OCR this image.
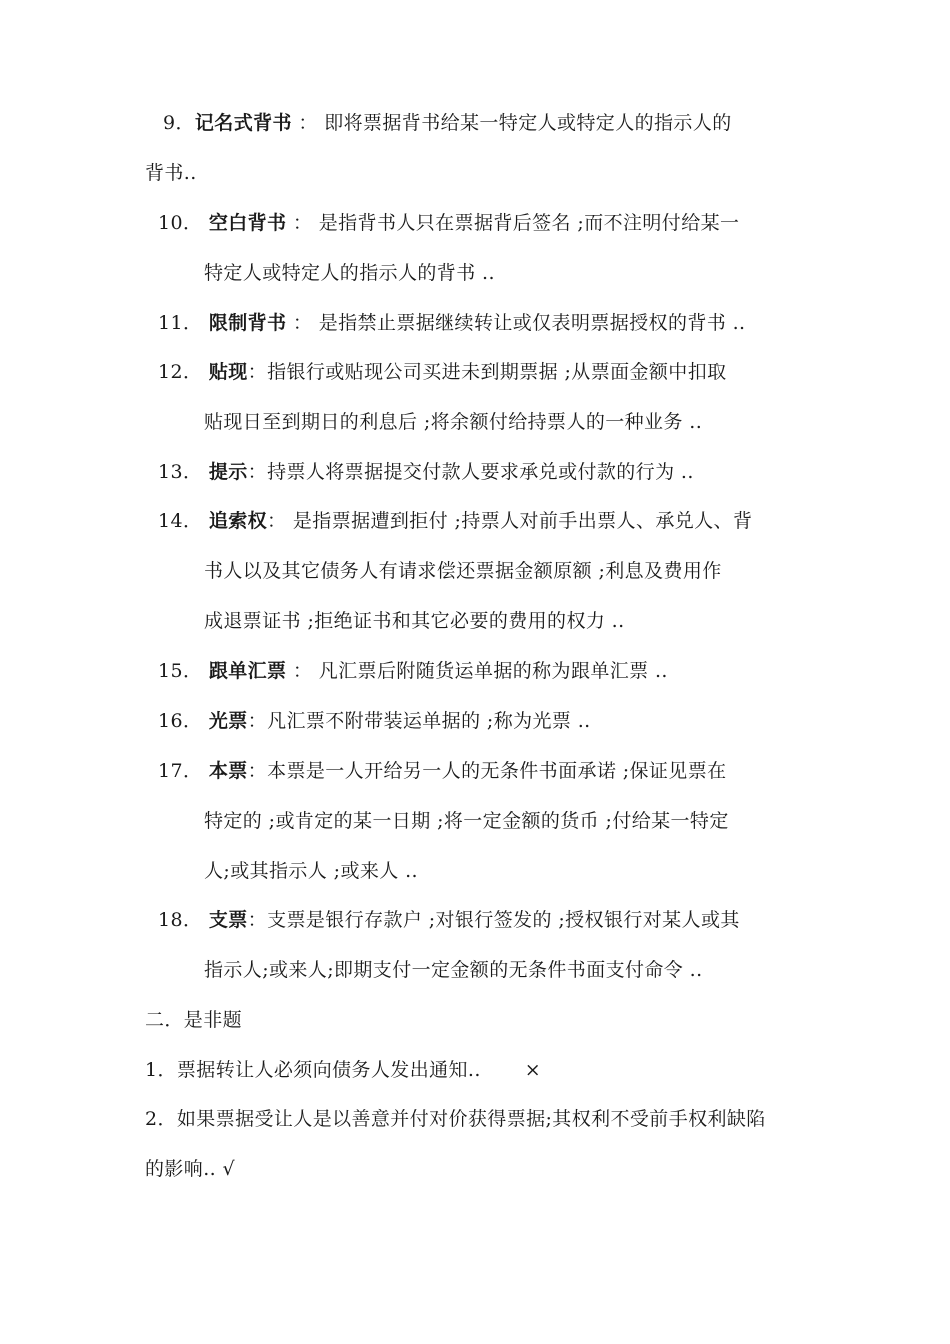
9．记名式背书 ： 即将票据背书给某一特定人或特定人的指示人的
背书..
10． 空白背书 ： 是指背书人只在票据背后签名 ;而不注明付给某一
特定人或特定人的指示人的背书 ..
11． 限制背书 ： 是指禁止票据继续转让或仅表明票据授权的背书 ..
12． 贴现：指银行或贴现公司买进未到期票据 ;从票面金额中扣取
贴现日至到期日的利息后 ;将余额付给持票人的一种业务 ..
13． 提示：持票人将票据提交付款人要求承兑或付款的行为 ..
14． 追索权： 是指票据遭到拒付 ;持票人对前手出票人、承兑人、背
书人以及其它债务人有请求偿还票据金额原额 ;利息及费用作
成退票证书 ;拒绝证书和其它必要的费用的权力 ..
15． 跟单汇票 ： 凡汇票后附随货运单据的称为跟单汇票 ..
16． 光票：凡汇票不附带装运单据的 ;称为光票 ..
17． 本票：本票是一人开给另一人的无条件书面承诺 ;保证见票在
特定的 ;或肯定的某一日期 ;将一定金额的货币 ;付给某一特定
人;或其指示人 ;或来人 ..
18． 支票：支票是银行存款户 ;对银行签发的 ;授权银行对某人或其
指示人;或来人;即期支付一定金额的无条件书面支付命令 ..
二．是非题
1．票据转让人必须向债务人发出通知.. ×
2．如果票据受让人是以善意并付对价获得票据;其权利不受前手权利缺陷
的影响.. √
